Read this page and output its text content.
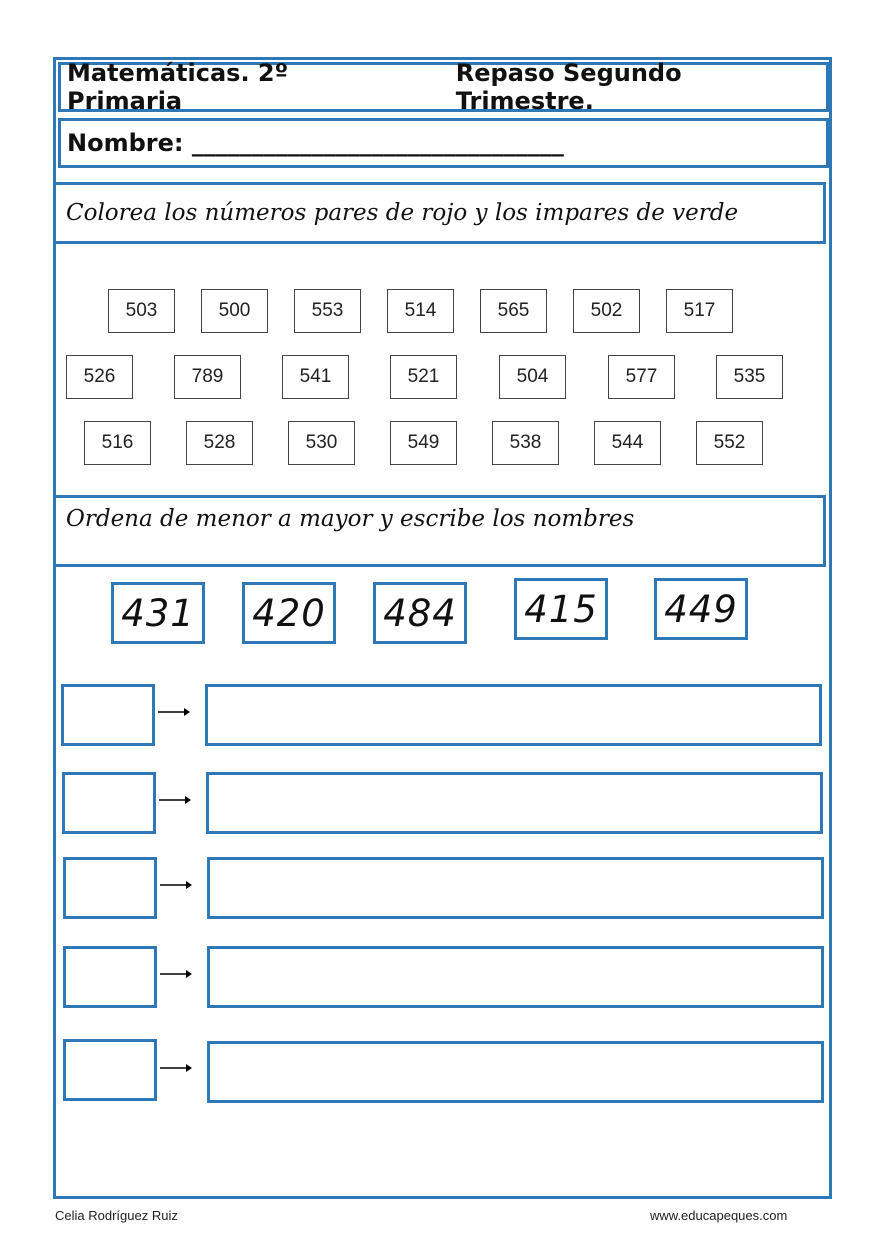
Matemáticas. 2º Primaria
Repaso Segundo Trimestre.
Nombre: _______________________________
Colorea los números pares de rojo y los impares de verde
503	500	553	514	565	502	517
526	789	541	521	504	577	535
516	528	530	549	538	544	552
Ordena de menor a mayor y escribe los nombres
431 420 484 415 449
Celia Rodríguez Ruiz	www.educapeques.com
